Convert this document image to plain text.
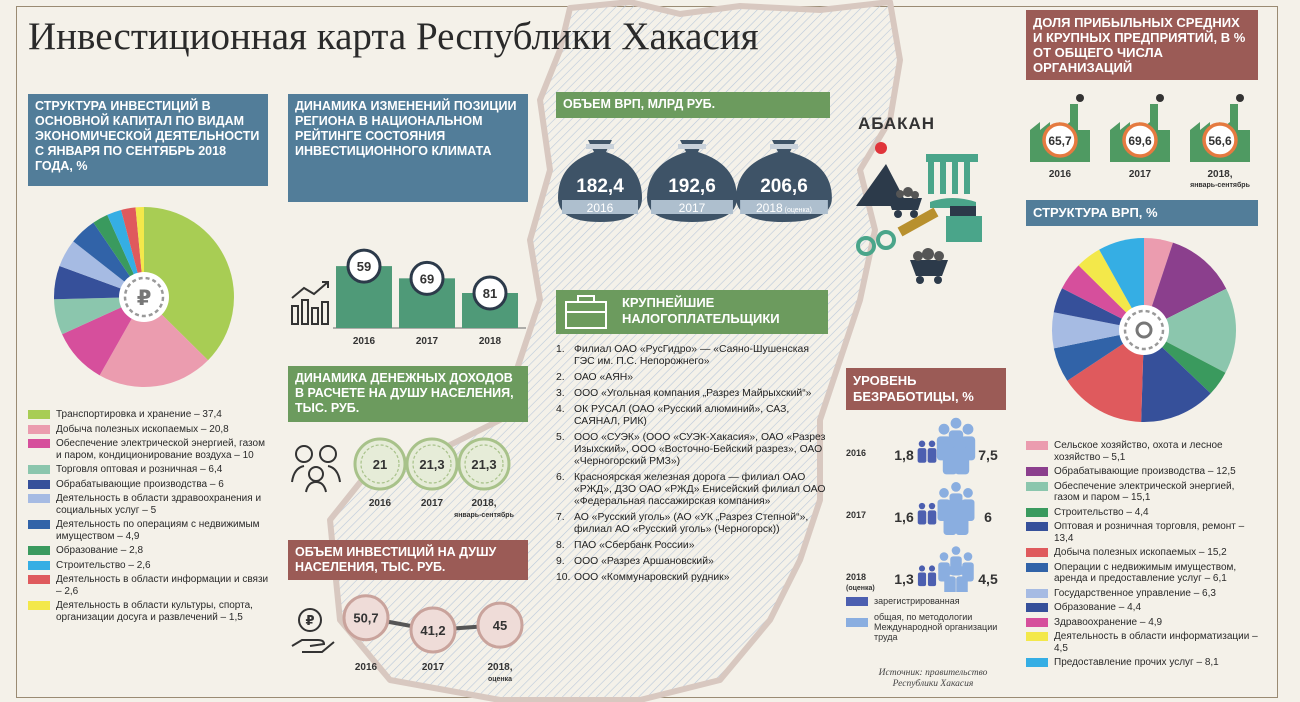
Инвестиционная карта Республики Хакасия
СТРУКТУРА ИНВЕСТИЦИЙ В ОСНОВНОЙ КАПИТАЛ ПО ВИДАМ ЭКОНОМИЧЕСКОЙ ДЕЯТЕЛЬНОСТИ С ЯНВАРЯ ПО СЕНТЯБРЬ 2018 ГОДА, %
₽
Транспортировка и хранение – 37,4
Добыча полезных ископаемых – 20,8
Обеспечение электрической энергией, газом и паром, кондиционирование воздуха – 10
Торговля оптовая и розничная – 6,4
Обрабатывающие производства – 6
Деятельность в области здравоохранения и социальных услуг – 5
Деятельность по операциям с недвижимым имуществом – 4,9
Образование – 2,8
Строительство – 2,6
Деятельность в области информации и связи – 2,6
Деятельность в области культуры, спорта, организации досуга и развлечений – 1,5
ДИНАМИКА ИЗМЕНЕНИЙ ПОЗИЦИИ РЕГИОНА В НАЦИОНАЛЬНОМ РЕЙТИНГЕ СОСТОЯНИЯ ИНВЕСТИЦИОННОГО КЛИМАТА
59
2016
69
2017
81
2018
ДИНАМИКА ДЕНЕЖНЫХ ДОХОДОВ В РАСЧЕТЕ НА ДУШУ НАСЕЛЕНИЯ, ТЫС. РУБ.
21
2016
21,3
2017
21,3
2018,
январь-сентябрь
ОБЪЕМ ИНВЕСТИЦИЙ НА ДУШУ НАСЕЛЕНИЯ, ТЫС. РУБ.
₽	50,7
2016
41,2
2017
45
2018,
оценка
ОБЪЕМ ВРП, МЛРД РУБ.
182,4
2016
192,6
2017
206,6
2018 (оценка)
АБАКАН
КРУПНЕЙШИЕ НАЛОГОПЛАТЕЛЬЩИКИ
1. Филиал ОАО «РусГидро» — «Саяно-Шушенская ГЭС им. П.С. Непорожнего»
2. ОАО «АЯН»
3. ООО «Угольная компания „Разрез Майрыхский“»
4. ОК РУСАЛ (ОАО «Русский алюминий», САЗ, САЯНАЛ, РИК)
5. ООО «СУЭК» (ООО «СУЭК-Хакасия», ОАО «Разрез Изыхский», ООО «Восточно-Бейский разрез», ОАО «Черногорский РМЗ»)
6. Красноярская железная дорога — филиал ОАО «РЖД», ДЗО ОАО «РЖД» Енисейский филиал ОАО «Федеральная пассажирская компания»
7. АО «Русский уголь» (АО «УК „Разрез Степной“», филиал АО «Русский уголь» (Черногорск))
8. ПАО «Сбербанк России»
9. ООО «Разрез Аршановский»
10. ООО «Коммунаровский рудник»
УРОВЕНЬ БЕЗРАБОТИЦЫ, %
2016 1,8	7,5
2017 1,6	6
2018
(оценка)
1,3	4,5
зарегистрированная
общая, по методологии Международной организации труда
Источник: правительство Республики Хакасия
ДОЛЯ ПРИБЫЛЬНЫХ СРЕДНИХ И КРУПНЫХ ПРЕДПРИЯТИЙ, В % ОТ ОБЩЕГО ЧИСЛА ОРГАНИЗАЦИЙ
65,7
2016
69,6
2017
56,6
2018,
январь-сентябрь
СТРУКТУРА ВРП, %
Сельское хозяйство, охота и лесное хозяйство – 5,1
Обрабатывающие производства – 12,5
Обеспечение электрической энергией, газом и паром – 15,1
Строительство – 4,4
Оптовая и розничная торговля, ремонт – 13,4
Добыча полезных ископаемых – 15,2
Операции с недвижимым имуществом, аренда и предоставление услуг – 6,1
Государственное управление – 6,3
Образование – 4,4
Здравоохранение – 4,9
Деятельность в области информатизации – 4,5
Предоставление прочих услуг – 8,1
